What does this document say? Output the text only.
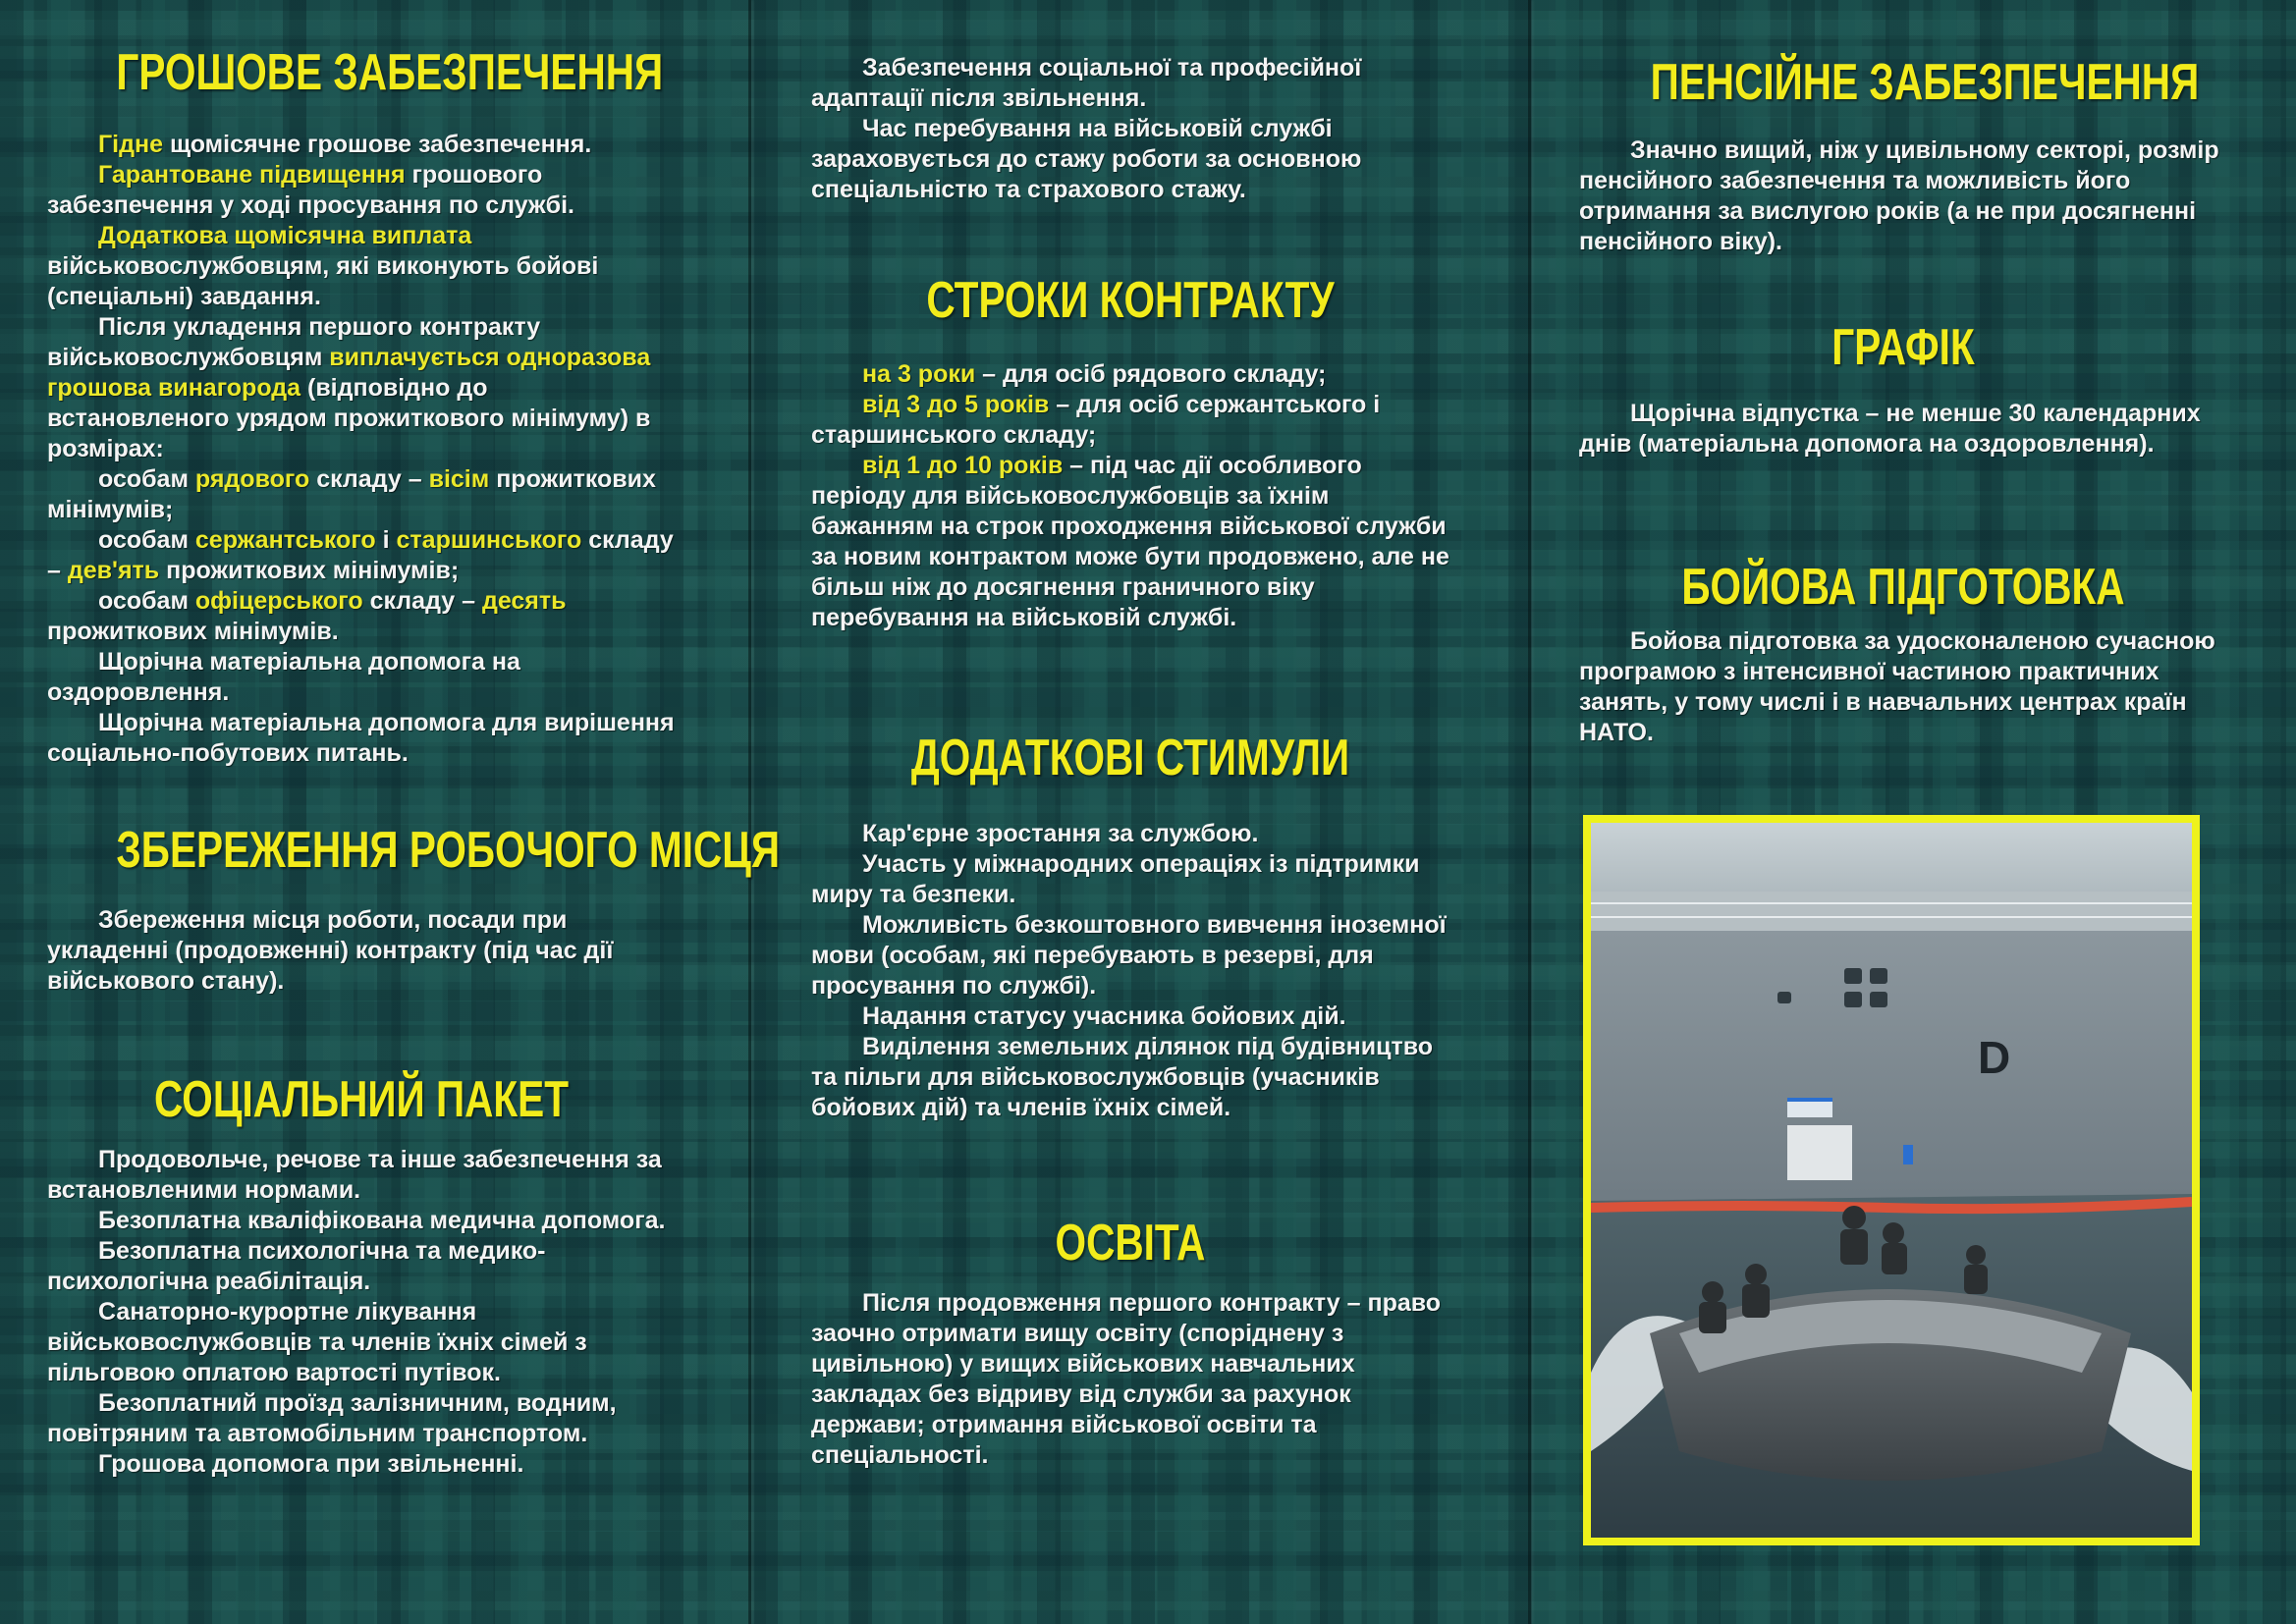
ГРОШОВЕ ЗАБЕЗПЕЧЕННЯ

Гідне щомісячне грошове забезпечення.

Гарантоване підвищення грошового забезпечення у ході просування по службі.

Додаткова щомісячна виплата військовослужбовцям, які виконують бойові (спеціальні) завдання.

Після укладення першого контракту військовослужбовцям виплачується одноразова грошова винагорода (відповідно до встановленого урядом прожиткового мінімуму) в розмірах:

особам рядового складу – вісім прожиткових мінімумів;

особам сержантського і старшинського складу – дев'ять прожиткових мінімумів;

особам офіцерського складу – десять прожиткових мінімумів.

Щорічна матеріальна допомога на оздоровлення.

Щорічна матеріальна допомога для вирішення соціально-побутових питань.

ЗБЕРЕЖЕННЯ РОБОЧОГО МІСЦЯ

Збереження місця роботи, посади при укладенні (продовженні) контракту (під час дії військового стану).

СОЦІАЛЬНИЙ ПАКЕТ

Продовольче, речове та інше забезпечення за встановленими нормами.

Безоплатна кваліфікована медична допомога.

Безоплатна психологічна та медико-психологічна реабілітація.

Санаторно-курортне лікування військовослужбовців та членів їхніх сімей з пільговою оплатою вартості путівок.

Безоплатний проїзд залізничним, водним, повітряним та автомобільним транспортом.

Грошова допомога при звільненні.

Забезпечення соціальної та професійної адаптації після звільнення.

Час перебування на військовій службі зараховується до стажу роботи за основною спеціальністю та страхового стажу.

СТРОКИ КОНТРАКТУ

на 3 роки – для осіб рядового складу;

від 3 до 5 років – для осіб сержантського і старшинського складу;

від 1 до 10 років – під час дії особливого періоду для військовослужбовців за їхнім бажанням на строк проходження військової служби за новим контрактом може бути продовжено, але не більш ніж до досягнення граничного віку перебування на військовій службі.

ДОДАТКОВІ СТИМУЛИ

Кар'єрне зростання за службою.

Участь у міжнародних операціях із підтримки миру та безпеки.

Можливість безкоштовного вивчення іноземної мови (особам, які перебувають в резерві, для просування по службі).

Надання статусу учасника бойових дій.

Виділення земельних ділянок під будівництво та пільги для військовослужбовців (учасників бойових дій) та членів їхніх сімей.

ОСВІТА

Після продовження першого контракту – право заочно отримати вищу освіту (споріднену з цивільною) у вищих військових навчальних закладах без відриву від служби за рахунок держави; отримання військової освіти та спеціальності.

ПЕНСІЙНЕ ЗАБЕЗПЕЧЕННЯ

Значно вищий, ніж у цивільному секторі, розмір пенсійного забезпечення та можливість його отримання за вислугою років (а не при досягненні пенсійного віку).

ГРАФІК

Щорічна відпустка – не менше 30 календарних днів (матеріальна допомога на оздоровлення).

БОЙОВА ПІДГОТОВКА

Бойова підготовка за удосконаленою сучасною програмою з інтенсивної частиною практичних занять, у тому числі і в навчальних центрах країн НАТО.

D
